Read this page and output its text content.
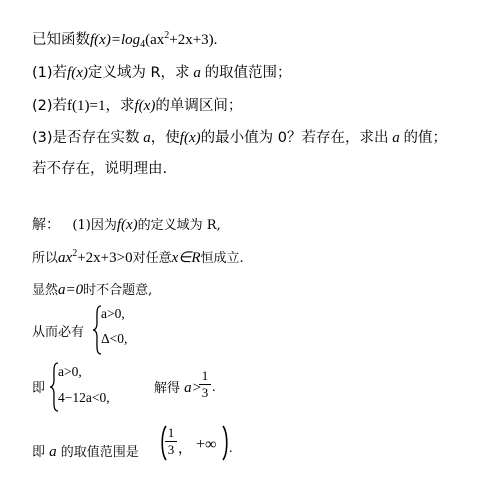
已知函数$f(x)=\log_4(ax^2+2x+3)$.
(1)若f(x)定义域为 R，求 a 的取值范围；
(2)若f(1)=1，求f(x)的单调区间；
(3)是否存在实数 a，使f(x)的最小值为 0？若存在，求出 a 的值；
若不存在，说明理由.
解： (1)因为f(x)的定义域为 R,
所以$ax^2+2x+3>0$对任意x∈R恒成立.
显然a=0时不合题意,
从而必有
a>0,
Δ<0,
即
a>0,
4−12a<0,
解得 a>
1
3 .
即 a 的取值范围是
1
3 ， +∞ .
